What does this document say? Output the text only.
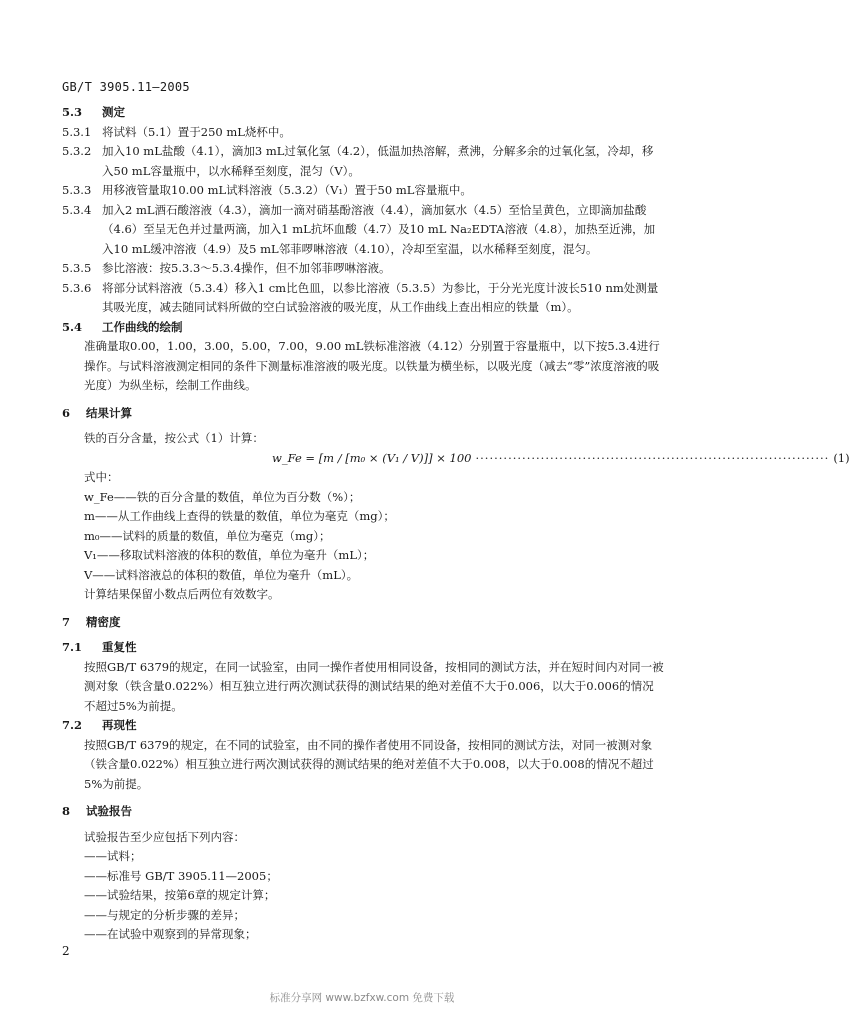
GB/T 3905.11—2005
5.3	测定
5.3.1 将试料（5.1）置于250 mL烧杯中。
5.3.2 加入10 mL盐酸（4.1），滴加3 mL过氧化氢（4.2），低温加热溶解，煮沸，分解多余的过氧化氢，冷却，移入50 mL容量瓶中，以水稀释至刻度，混匀（V）。
5.3.3 用移液管量取10.00 mL试料溶液（5.3.2）（V₁）置于50 mL容量瓶中。
5.3.4 加入2 mL酒石酸溶液（4.3），滴加一滴对硝基酚溶液（4.4），滴加氨水（4.5）至恰呈黄色，立即滴加盐酸（4.6）至呈无色并过量两滴，加入1 mL抗坏血酸（4.7）及10 mL Na₂EDTA溶液（4.8），加热至近沸，加入10 mL缓冲溶液（4.9）及5 mL邻菲啰啉溶液（4.10），冷却至室温，以水稀释至刻度，混匀。
5.3.5 参比溶液：按5.3.3～5.3.4操作，但不加邻菲啰啉溶液。
5.3.6 将部分试料溶液（5.3.4）移入1 cm比色皿，以参比溶液（5.3.5）为参比，于分光光度计波长510 nm处测量其吸光度，减去随同试料所做的空白试验溶液的吸光度，从工作曲线上查出相应的铁量（m）。
5.4	工作曲线的绘制
准确量取0.00，1.00，3.00，5.00，7.00，9.00 mL铁标准溶液（4.12）分别置于容量瓶中，以下按5.3.4进行操作。与试料溶液测定相同的条件下测量标准溶液的吸光度。以铁量为横坐标，以吸光度（减去“零”浓度溶液的吸光度）为纵坐标，绘制工作曲线。
6	结果计算
铁的百分含量，按公式（1）计算：
w_Fe = [m / [m₀ × (V₁ / V)]] × 100 ············································································ (1)
式中：
w_Fe——铁的百分含量的数值，单位为百分数（%）；
m——从工作曲线上查得的铁量的数值，单位为毫克（mg）；
m₀——试料的质量的数值，单位为毫克（mg）；
V₁——移取试料溶液的体积的数值，单位为毫升（mL）；
V——试料溶液总的体积的数值，单位为毫升（mL）。
计算结果保留小数点后两位有效数字。
7	精密度
7.1	重复性
按照GB/T 6379的规定，在同一试验室，由同一操作者使用相同设备，按相同的测试方法，并在短时间内对同一被测对象（铁含量0.022%）相互独立进行两次测试获得的测试结果的绝对差值不大于0.006，以大于0.006的情况不超过5%为前提。
7.2	再现性
按照GB/T 6379的规定，在不同的试验室，由不同的操作者使用不同设备，按相同的测试方法，对同一被测对象（铁含量0.022%）相互独立进行两次测试获得的测试结果的绝对差值不大于0.008，以大于0.008的情况不超过5%为前提。
8	试验报告
试验报告至少应包括下列内容：
——试料；
——标准号 GB/T 3905.11—2005；
——试验结果，按第6章的规定计算；
——与规定的分析步骤的差异；
——在试验中观察到的异常现象；
2
标准分享网 www.bzfxw.com 免费下载
